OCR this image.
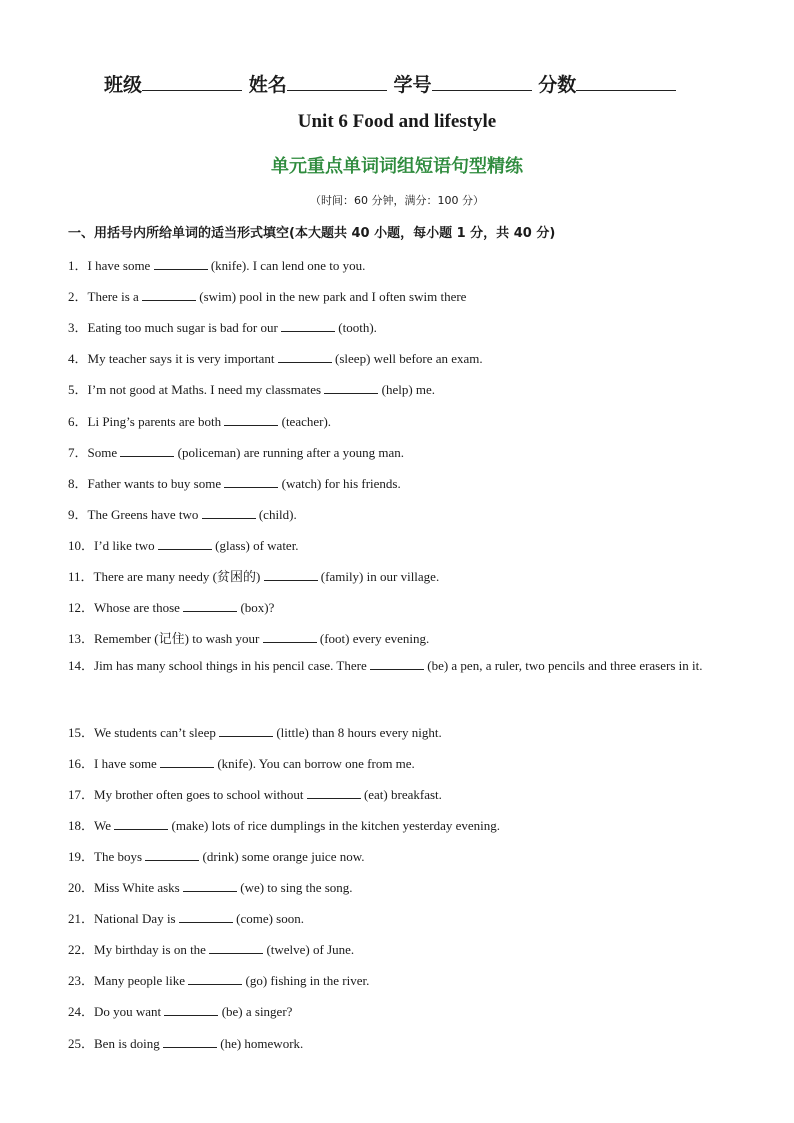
班级	姓名	学号	分数
Unit 6 Food and lifestyle
单元重点单词词组短语句型精练
（时间：60 分钟，满分：100 分）
一、用括号内所给单词的适当形式填空(本大题共 40 小题，每小题 1 分，共 40 分)
1．I have some	(knife). I can lend one to you.
2．There is a	(swim) pool in the new park and I often swim there
3．Eating too much sugar is bad for our	(tooth).
4．My teacher says it is very important	(sleep) well before an exam.
5．I’m not good at Maths. I need my classmates	(help) me.
6．Li Ping’s parents are both	(teacher).
7．Some	(policeman) are running after a young man.
8．Father wants to buy some	(watch) for his friends.
9．The Greens have two	(child).
10．I’d like two	(glass) of water.
11．There are many needy (贫困的)	(family) in our village.
12．Whose are those	(box)?
13．Remember (记住) to wash your	(foot) every evening.
14．Jim has many school things in his pencil case. There	(be) a pen, a ruler, two pencils and three erasers in it.
15．We students can’t sleep	(little) than 8 hours every night.
16．I have some	(knife). You can borrow one from me.
17．My brother often goes to school without	(eat) breakfast.
18．We	(make) lots of rice dumplings in the kitchen yesterday evening.
19．The boys	(drink) some orange juice now.
20．Miss White asks	(we) to sing the song.
21．National Day is	(come) soon.
22．My birthday is on the	(twelve) of June.
23．Many people like	(go) fishing in the river.
24．Do you want	(be) a singer?
25．Ben is doing	(he) homework.
